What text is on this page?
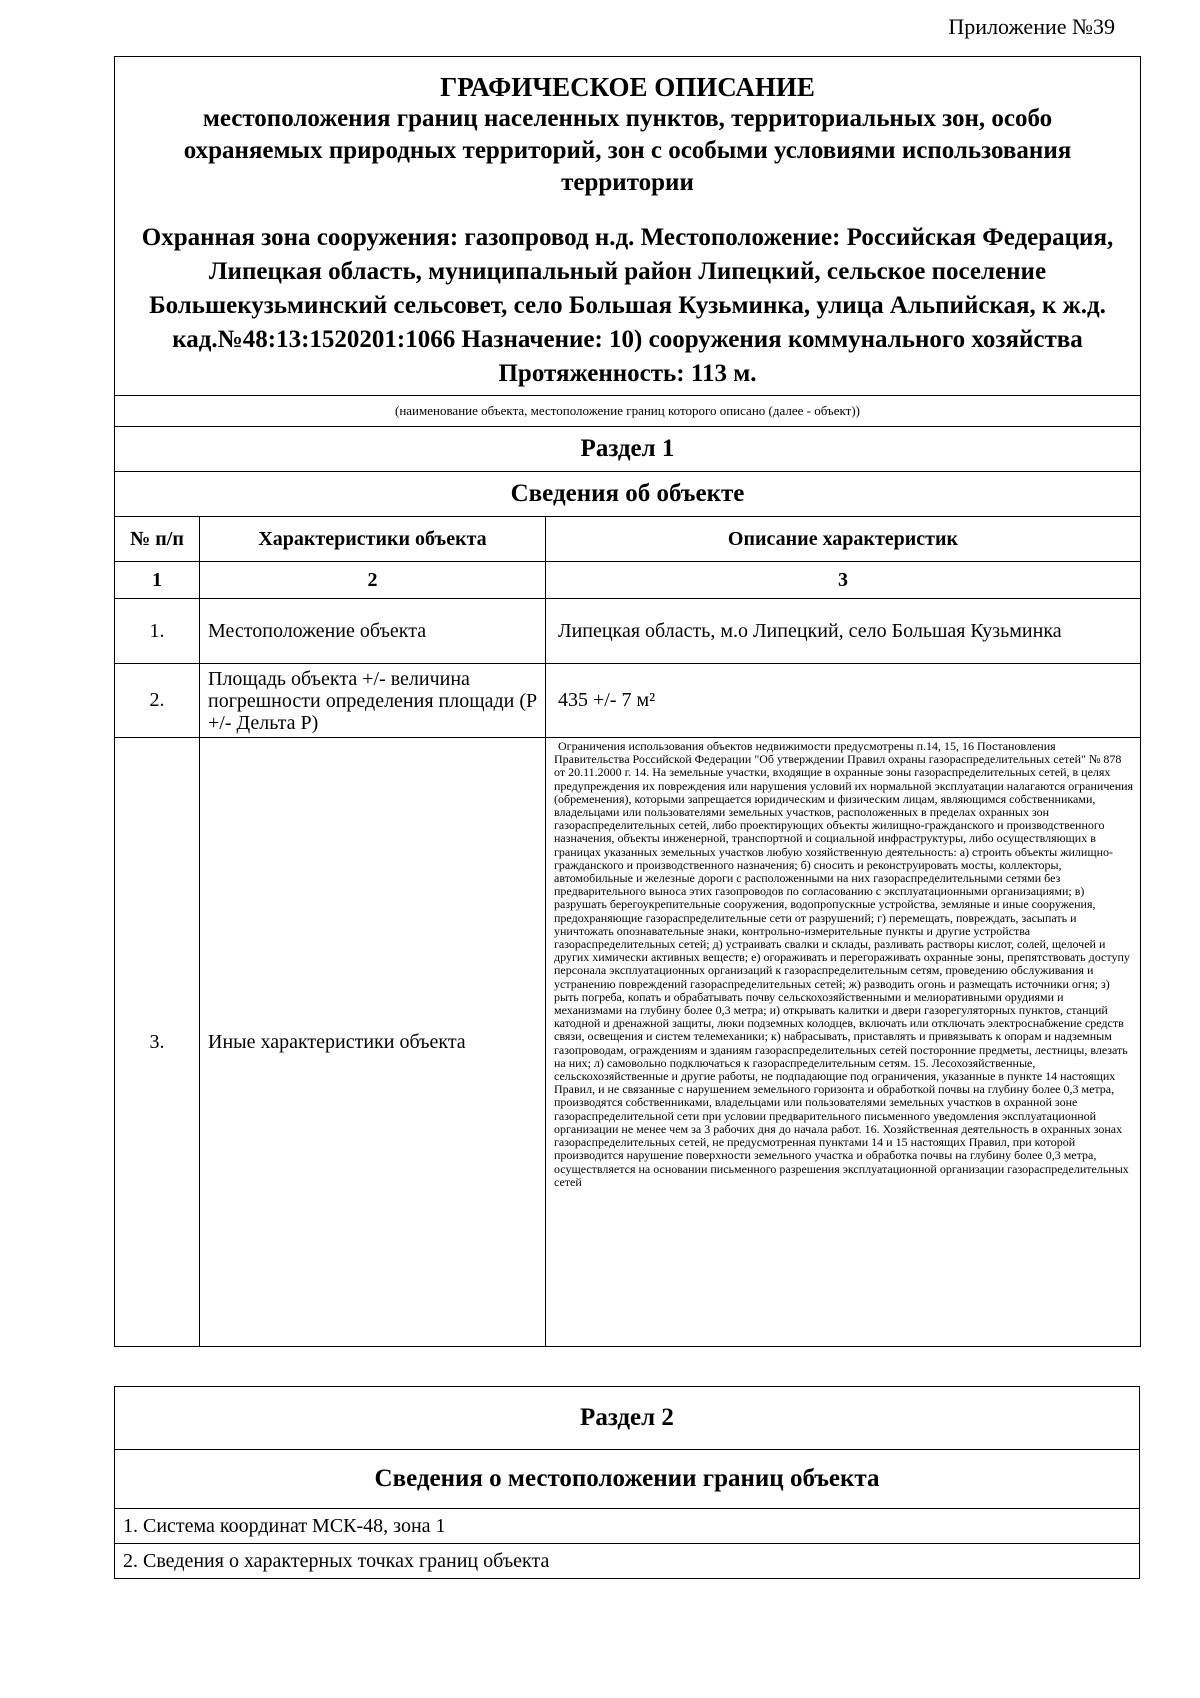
Приложение №39
ГРАФИЧЕСКОЕ ОПИСАНИЕ
местоположения границ населенных пунктов, территориальных зон, особо охраняемых природных территорий, зон с особыми условиями использования территории
Охранная зона сооружения: газопровод н.д. Местоположение: Российская Федерация, Липецкая область, муниципальный район Липецкий, сельское поселение Большекузьминский сельсовет, село Большая Кузьминка, улица Альпийская, к ж.д. кад.№48:13:1520201:1066 Назначение: 10) сооружения коммунального хозяйства Протяженность: 113 м.		

(наименование объекта, местоположение границ которого описано (далее - объект))		
Раздел 1		
Сведения об объекте		
№ п/п	Характеристики объекта	Описание характеристик
1	2	3
1.	Местоположение объекта	Липецкая область, м.о Липецкий, село Большая Кузьминка
2.	Площадь объекта +/- величина погрешности определения площади (Р +/- Дельта Р)	435 +/- 7 м²
3.	Иные характеристики объекта	Ограничения использования объектов недвижимости предусмотрены п.14, 15, 16 Постановления Правительства Российской Федерации "Об утверждении Правил охраны газораспределительных сетей" № 878 от 20.11.2000 г. 14. На земельные участки, входящие в охранные зоны газораспределительных сетей, в целях предупреждения их повреждения или нарушения условий их нормальной эксплуатации налагаются ограничения (обременения), которыми запрещается юридическим и физическим лицам, являющимся собственниками, владельцами или пользователями земельных участков, расположенных в пределах охранных зон газораспределительных сетей, либо проектирующих объекты жилищно-гражданского и производственного назначения, объекты инженерной, транспортной и социальной инфраструктуры, либо осуществляющих в границах указанных земельных участков любую хозяйственную деятельность: а) строить объекты жилищно-гражданского и производственного назначения; б) сносить и реконструировать мосты, коллекторы, автомобильные и железные дороги с расположенными на них газораспределительными сетями без предварительного выноса этих газопроводов по согласованию с эксплуатационными организациями; в) разрушать берегоукрепительные сооружения, водопропускные устройства, земляные и иные сооружения, предохраняющие газораспределительные сети от разрушений; г) перемещать, повреждать, засыпать и уничтожать опознавательные знаки, контрольно-измерительные пункты и другие устройства газораспределительных сетей; д) устраивать свалки и склады, разливать растворы кислот, солей, щелочей и других химически активных веществ; е) огораживать и перегораживать охранные зоны, препятствовать доступу персонала эксплуатационных организаций к газораспределительным сетям, проведению обслуживания и устранению повреждений газораспределительных сетей; ж) разводить огонь и размещать источники огня; з) рыть погреба, копать и обрабатывать почву сельскохозяйственными и мелиоративными орудиями и механизмами на глубину более 0,3 метра; и) открывать калитки и двери газорегуляторных пунктов, станций катодной и дренажной защиты, люки подземных колодцев, включать или отключать электроснабжение средств связи, освещения и систем телемеханики; к) набрасывать, приставлять и привязывать к опорам и надземным газопроводам, ограждениям и зданиям газораспределительных сетей посторонние предметы, лестницы, влезать на них; л) самовольно подключаться к газораспределительным сетям. 15. Лесохозяйственные, сельскохозяйственные и другие работы, не подпадающие под ограничения, указанные в пункте 14 настоящих Правил, и не связанные с нарушением земельного горизонта и обработкой почвы на глубину более 0,3 метра, производятся собственниками, владельцами или пользователями земельных участков в охранной зоне газораспределительной сети при условии предварительного письменного уведомления эксплуатационной организации не менее чем за 3 рабочих дня до начала работ. 16. Хозяйственная деятельность в охранных зонах газораспределительных сетей, не предусмотренная пунктами 14 и 15 настоящих Правил, при которой производится нарушение поверхности земельного участка и обработка почвы на глубину более 0,3 метра, осуществляется на основании письменного разрешения эксплуатационной организации газораспределительных сетей
Раздел 2
Сведения о местоположении границ объекта
1. Система координат МСК-48, зона 1
2. Сведения о характерных точках границ объекта
